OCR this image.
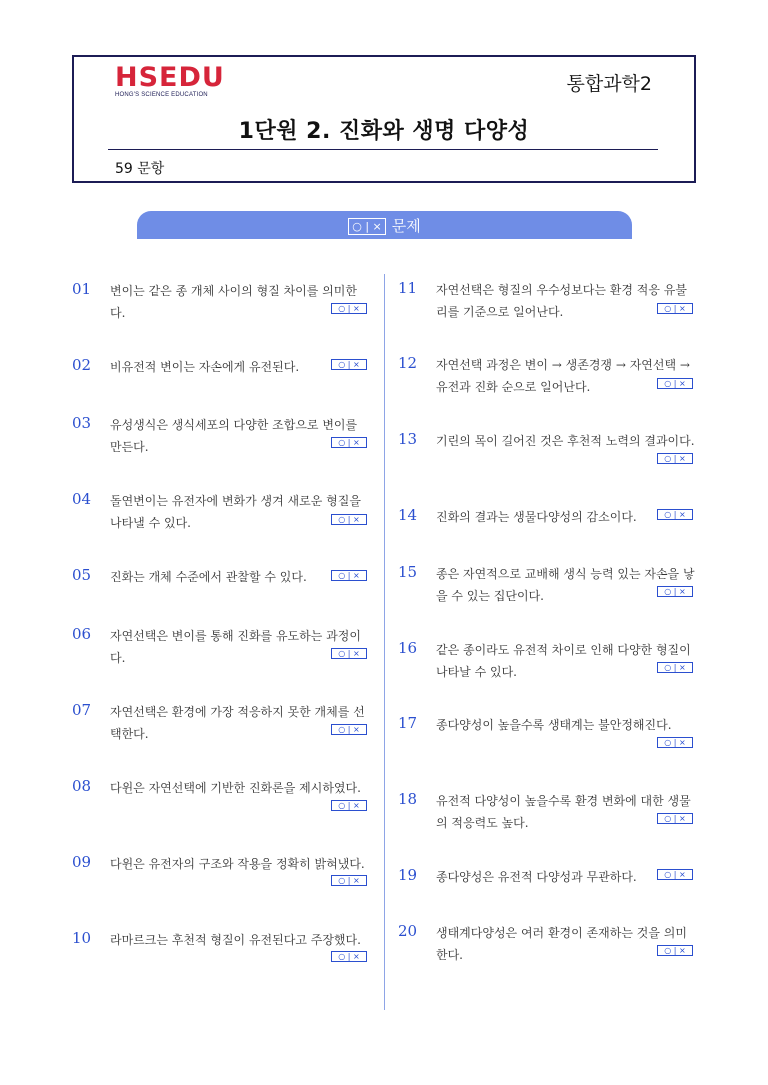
HSEDU
HONG'S SCIENCE EDUCATION	통합과학2
1단원 2. 진화와 생명 다양성
59 문항
○ | × 문제
01 변이는 같은 종 개체 사이의 형질 차이를 의미한다.	○ | ×
02 비유전적 변이는 자손에게 유전된다.	○ | ×
03 유성생식은 생식세포의 다양한 조합으로 변이를 만든다.	○ | ×
04 돌연변이는 유전자에 변화가 생겨 새로운 형질을 나타낼 수 있다.	○ | ×
05 진화는 개체 수준에서 관찰할 수 있다.	○ | ×
06 자연선택은 변이를 통해 진화를 유도하는 과정이다.	○ | ×
07 자연선택은 환경에 가장 적응하지 못한 개체를 선택한다.	○ | ×
08 다윈은 자연선택에 기반한 진화론을 제시하였다.
○ | ×
09 다윈은 유전자의 구조와 작용을 정확히 밝혀냈다.
○ | ×
10 라마르크는 후천적 형질이 유전된다고 주장했다.
○ | ×
11 자연선택은 형질의 우수성보다는 환경 적응 유불리를 기준으로 일어난다.	○ | ×
12 자연선택 과정은 변이 → 생존경쟁 → 자연선택 → 유전과 진화 순으로 일어난다.	○ | ×
13 기린의 목이 길어진 것은 후천적 노력의 결과이다.
○ | ×
14 진화의 결과는 생물다양성의 감소이다.	○ | ×
15 종은 자연적으로 교배해 생식 능력 있는 자손을 낳을 수 있는 집단이다.	○ | ×
16 같은 종이라도 유전적 차이로 인해 다양한 형질이 나타날 수 있다.	○ | ×
17 종다양성이 높을수록 생태계는 불안정해진다.
○ | ×
18 유전적 다양성이 높을수록 환경 변화에 대한 생물의 적응력도 높다.	○ | ×
19 종다양성은 유전적 다양성과 무관하다.	○ | ×
20 생태계다양성은 여러 환경이 존재하는 것을 의미한다.	○ | ×
